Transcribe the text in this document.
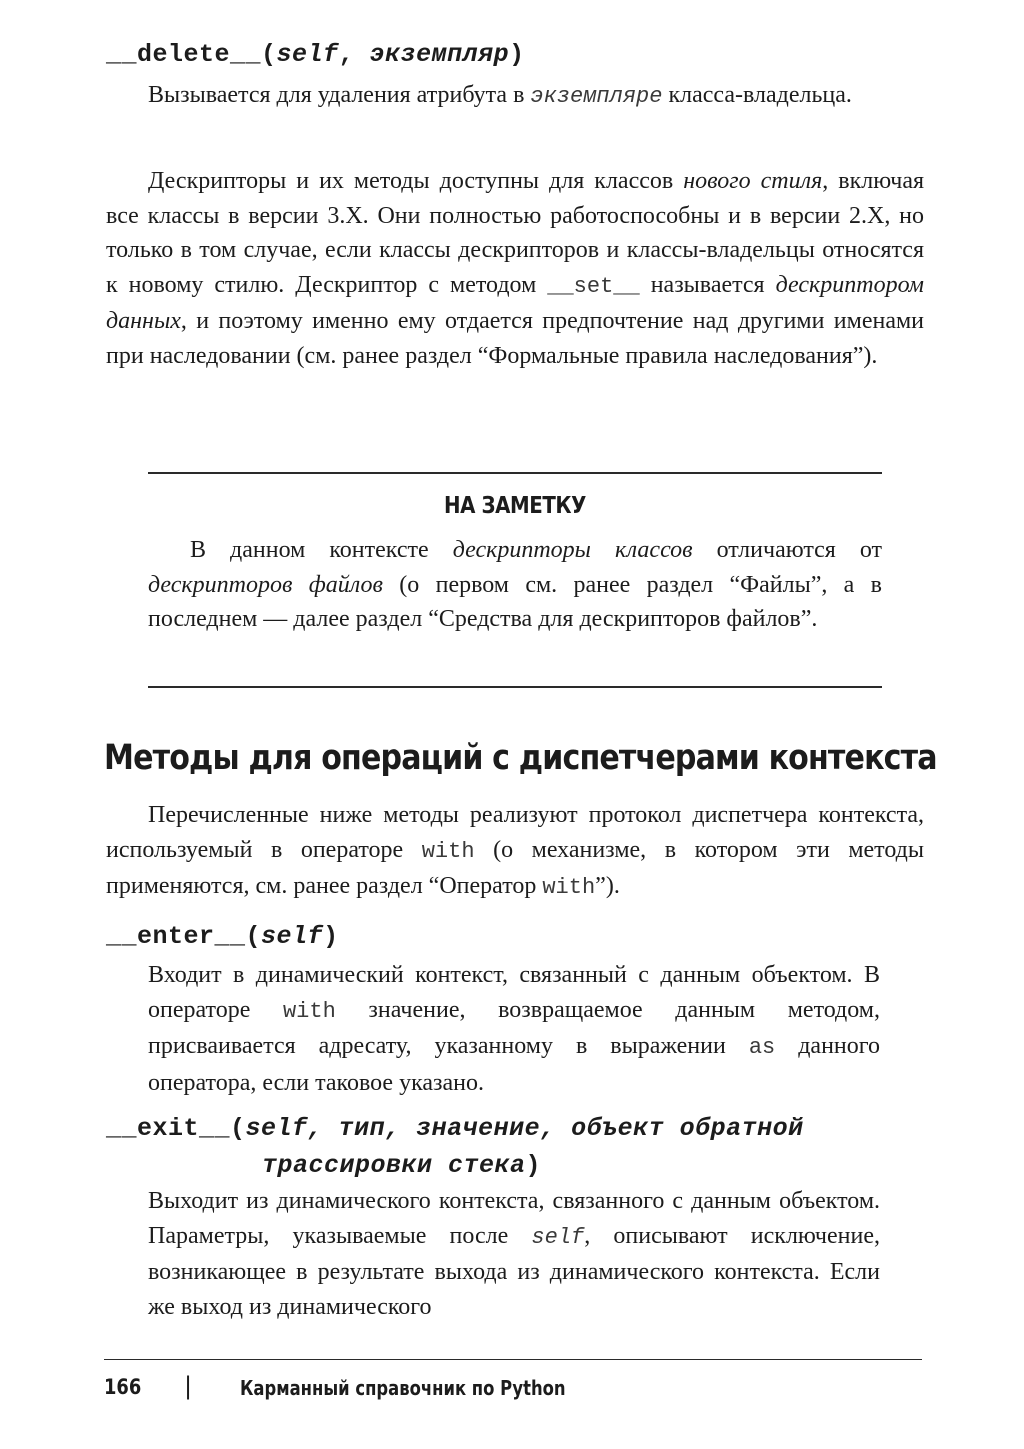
__delete__(self, экземпляр)
Вызывается для удаления атрибута в экземпляре класса-владельца.
Дескрипторы и их методы доступны для классов нового стиля, включая все классы в версии 3.X. Они полностью работоспособны и в версии 2.X, но только в том случае, если классы дескрипторов и классы-владельцы относятся к новому стилю. Дескриптор с методом __set__ называется дескриптором данных, и поэтому именно ему отдается предпочтение над другими именами при наследовании (см. ранее раздел “Формальные правила наследования”).
НА ЗАМЕТКУ
В данном контексте дескрипторы классов отличаются от дескрипторов файлов (о первом см. ранее раздел “Файлы”, а в последнем — далее раздел “Средства для дескрипторов файлов”.
Методы для операций с диспетчерами контекста
Перечисленные ниже методы реализуют протокол диспетчера контекста, используемый в операторе with (о механизме, в котором эти методы применяются, см. ранее раздел “Оператор with”).
__enter__(self)
Входит в динамический контекст, связанный с данным объектом. В операторе with значение, возвращаемое данным методом, присваивается адресату, указанному в выражении as данного оператора, если таковое указано.
__exit__(self, тип, значение, объект обратной
трассировки стека)
Выходит из динамического контекста, связанного с данным объектом. Параметры, указываемые после self, описывают исключение, возникающее в результате выхода из динамического контекста. Если же выход из динамического
166 | Карманный справочник по Python
